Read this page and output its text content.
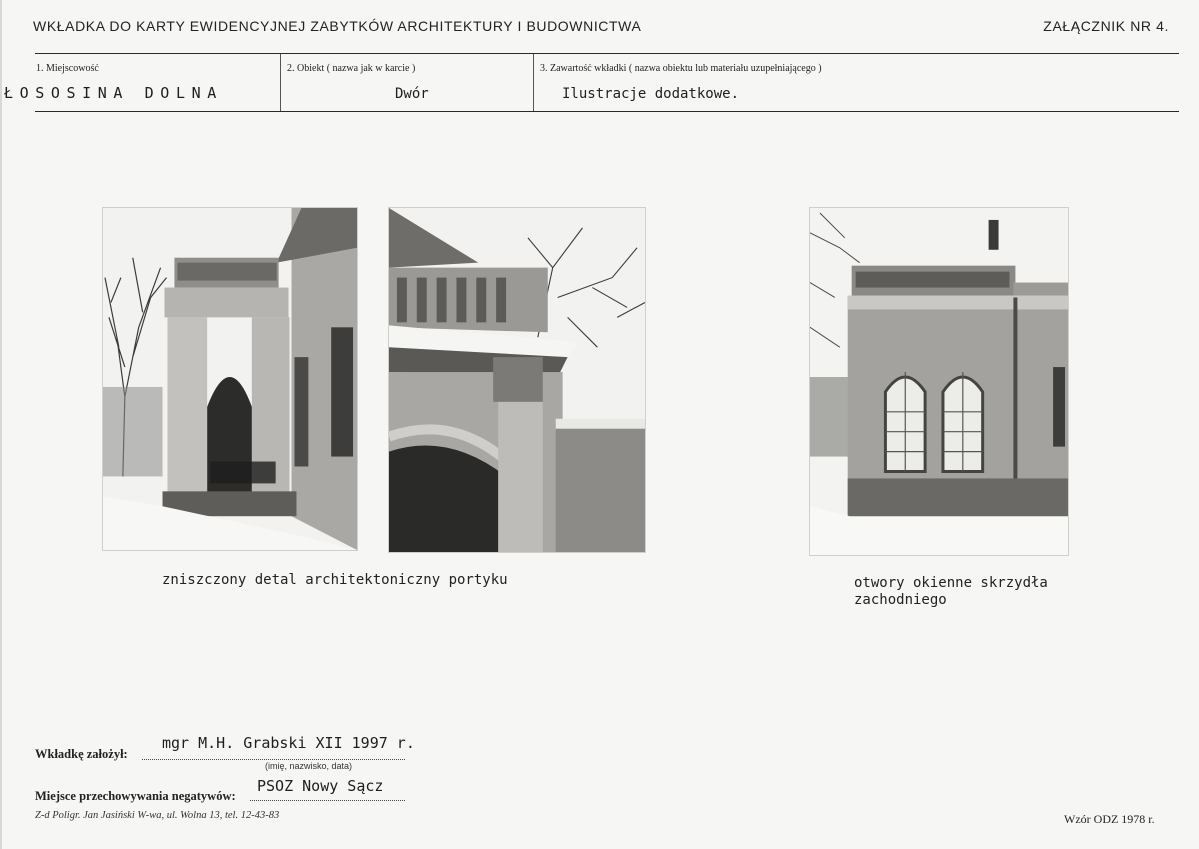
WKŁADKA DO KARTY EWIDENCYJNEJ ZABYTKÓW ARCHITEKTURY I BUDOWNICTWA	ZAŁĄCZNIK NR 4.
1. Miejscowość
ŁOSOSINA DOLNA
2. Obiekt ( nazwa jak w karcie )
Dwór
3. Zawartość wkładki ( nazwa obiektu lub materiału uzupełniającego )
Ilustracje dodatkowe.
zniszczony detal architektoniczny portyku	otwory okienne skrzydła
zachodniego
Wkładkę założył:
mgr M.H. Grabski XII 1997 r.
(imię, nazwisko, data)
Miejsce przechowywania negatywów:
PSOZ Nowy Sącz
Z-d Poligr. Jan Jasiński W-wa, ul. Wolna 13, tel. 12-43-83	Wzór ODZ 1978 r.
